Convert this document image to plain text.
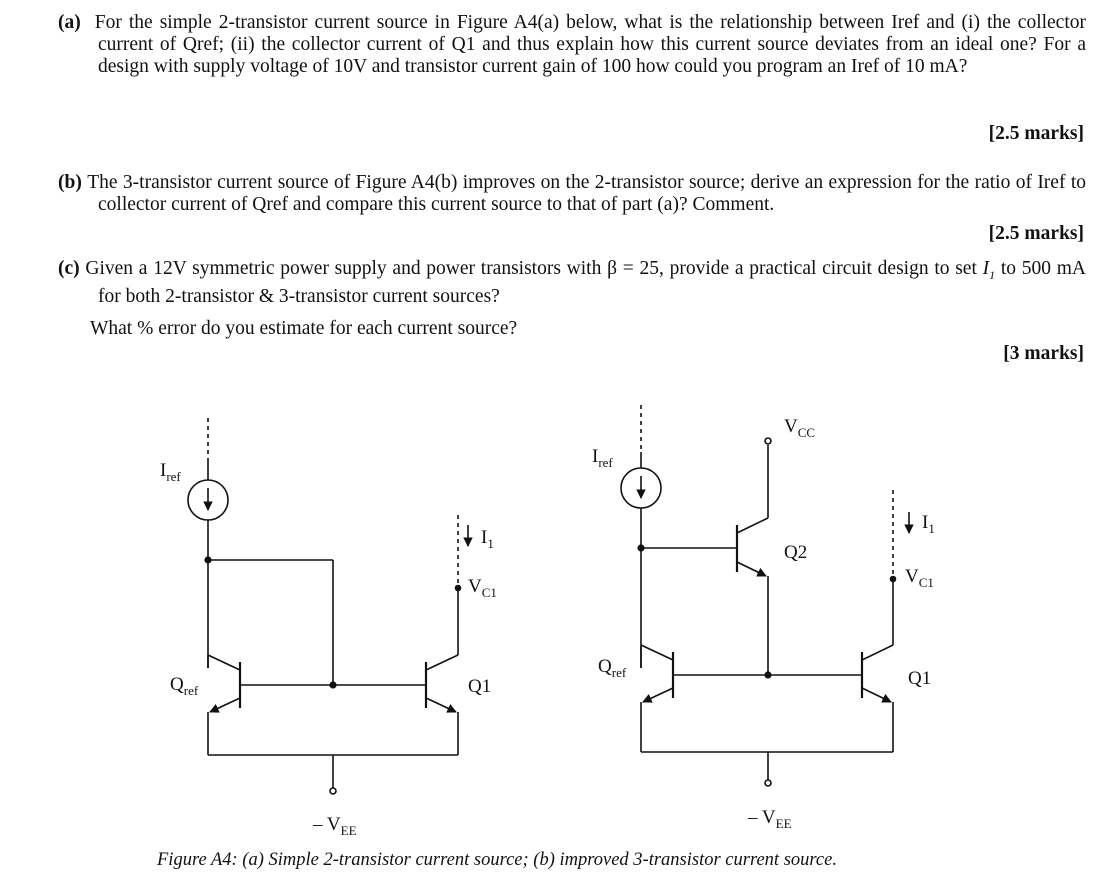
(a) For the simple 2-transistor current source in Figure A4(a) below, what is the relationship between Iref and (i) the collector current of Qref; (ii) the collector current of Q1 and thus explain how this current source deviates from an ideal one? For a design with supply voltage of 10V and transistor current gain of 100 how could you program an Iref of 10 mA?

[2.5 marks]

(b) The 3-transistor current source of Figure A4(b) improves on the 2-transistor source; derive an expression for the ratio of Iref to collector current of Qref and compare this current source to that of part (a)? Comment.

[2.5 marks]

(c) Given a 12V symmetric power supply and power transistors with β = 25, provide a practical circuit design to set $I_1$ to 500 mA for both 2-transistor & 3-transistor current sources?

What % error do you estimate for each current source?
[3 marks]
$I_{ref}$
$Q_{ref}$	Q1
$I_1$
$V_{C1}$
– $V_{EE}$
$I_{ref}$
$V_{CC}$
Q2
$Q_{ref}$	Q1
$I_1$
$V_{C1}$
– $V_{EE}$
Figure A4: (a) Simple 2-transistor current source; (b) improved 3-transistor current source.
